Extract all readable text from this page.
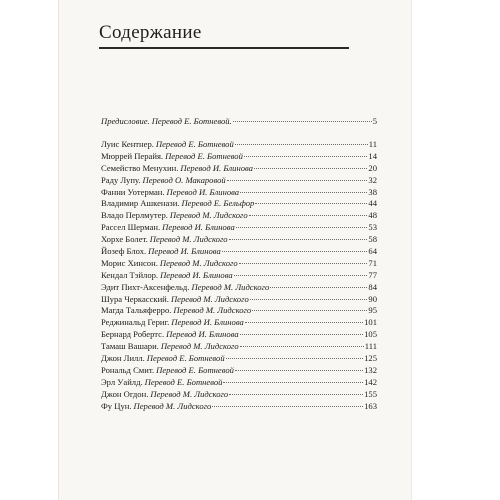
Содержание
Предисловие. Перевод Е. Ботневой.	5
Луис Кентнер. Перевод Е. Ботневой	11
Мюррей Перайя. Перевод Е. Ботневой	14
Семейство Менухин. Перевод И. Блинова	20
Раду Лупу. Перевод О. Макаровой	32
Фанни Уотерман. Перевод И. Блинова	38
Владимир Ашкенази. Перевод Е. Бельфор	44
Владо Перлмутер. Перевод М. Лидского	48
Рассел Шерман. Перевод И. Блинова	53
Хорхе Болет. Перевод М. Лидского	58
Йозеф Блох. Перевод И. Блинова	64
Морис Хинсон. Перевод М. Лидского	71
Кендал Тэйлор. Перевод И. Блинова	77
Эдит Пихт-Аксенфельд. Перевод М. Лидского	84
Шура Черкасский. Перевод М. Лидского	90
Магда Тальяферро. Перевод М. Лидского	95
Реджинальд Гериг. Перевод И. Блинова	101
Бернард Робертс. Перевод И. Блинова	105
Тамаш Вашари. Перевод М. Лидского	111
Джон Лилл. Перевод Е. Ботневой	125
Рональд Смит. Перевод Е. Ботневой	132
Эрл Уайлд. Перевод Е. Ботневой	142
Джон Огдон. Перевод М. Лидского	155
Фу Цун. Перевод М. Лидского	163
